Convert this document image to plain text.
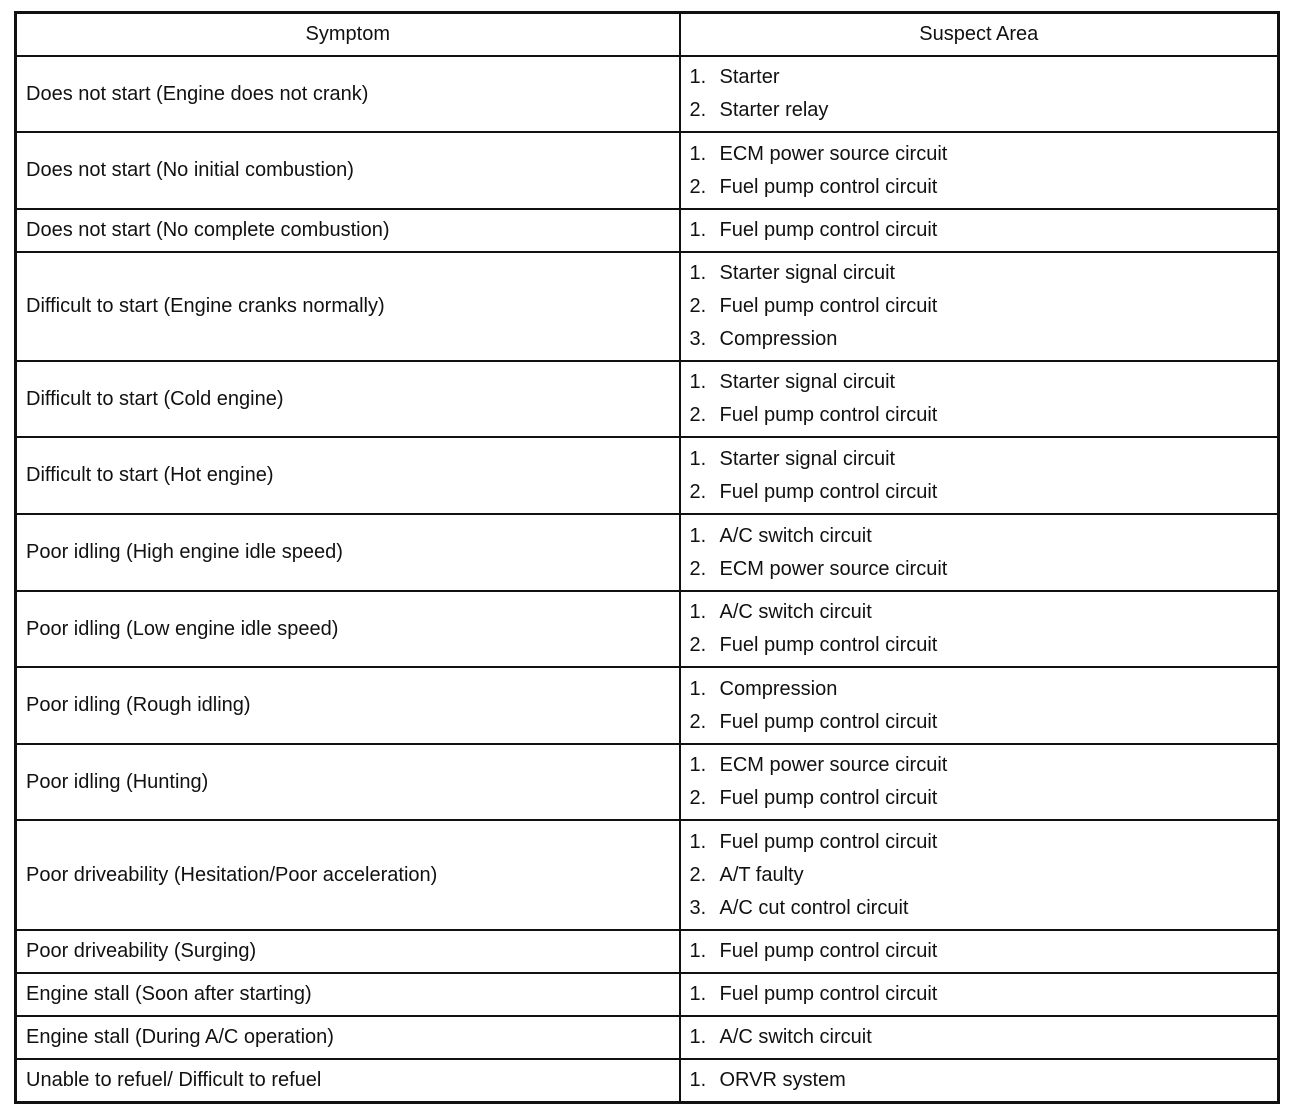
Symptom	Suspect Area
Does not start (Engine does not crank)	1. Starter
2. Starter relay

Does not start (No initial combustion)	1. ECM power source circuit
2. Fuel pump control circuit

Does not start (No complete combustion)	1. Fuel pump control circuit

Difficult to start (Engine cranks normally)	1. Starter signal circuit
2. Fuel pump control circuit
3. Compression

Difficult to start (Cold engine)	1. Starter signal circuit
2. Fuel pump control circuit

Difficult to start (Hot engine)	1. Starter signal circuit
2. Fuel pump control circuit

Poor idling (High engine idle speed)	1. A/C switch circuit
2. ECM power source circuit

Poor idling (Low engine idle speed)	1. A/C switch circuit
2. Fuel pump control circuit

Poor idling (Rough idling)	1. Compression
2. Fuel pump control circuit

Poor idling (Hunting)	1. ECM power source circuit
2. Fuel pump control circuit

Poor driveability (Hesitation/Poor acceleration)	1. Fuel pump control circuit
2. A/T faulty
3. A/C cut control circuit

Poor driveability (Surging)	1. Fuel pump control circuit

Engine stall (Soon after starting)	1. Fuel pump control circuit

Engine stall (During A/C operation)	1. A/C switch circuit

Unable to refuel/ Difficult to refuel	1. ORVR system
